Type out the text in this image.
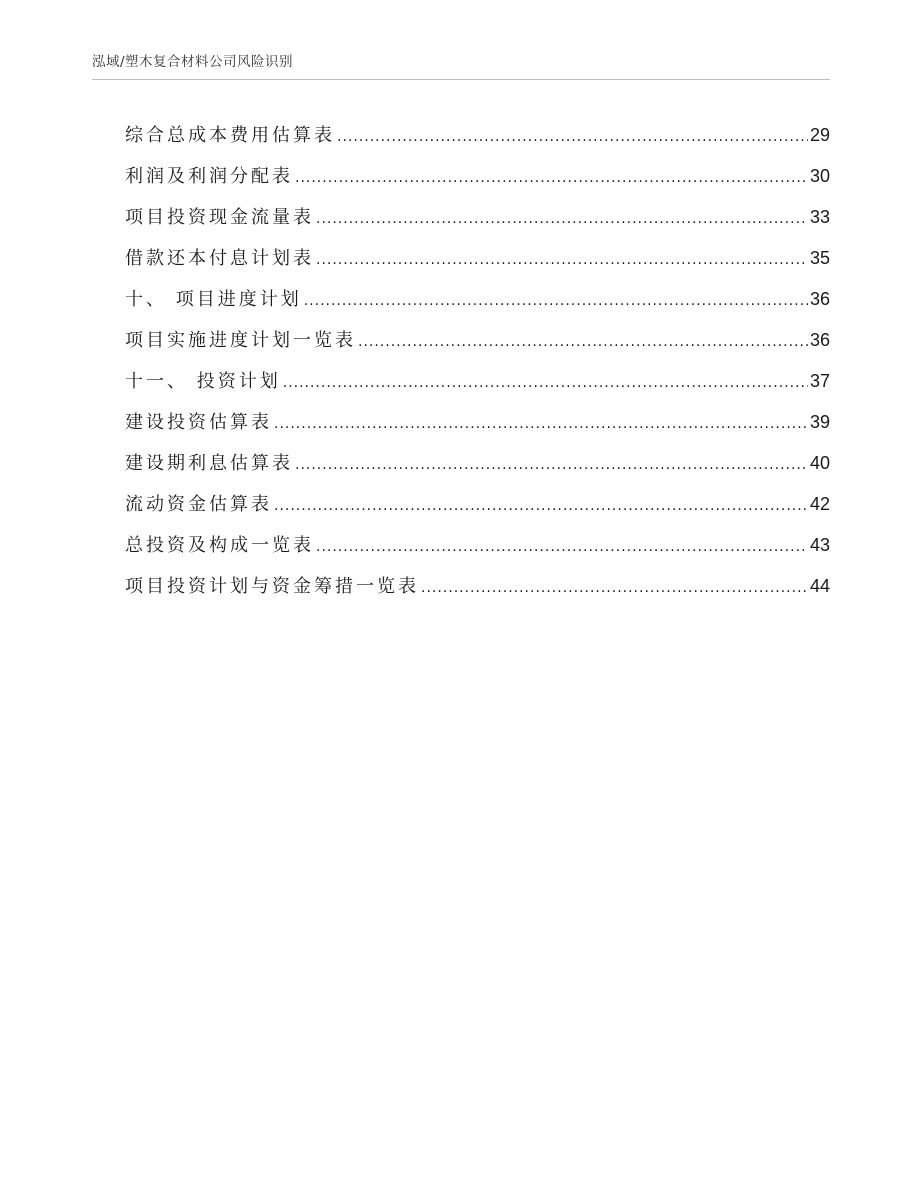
泓域/塑木复合材料公司风险识别
综合总成本费用估算表 .....	29
利润及利润分配表 .....	30
项目投资现金流量表 .....	33
借款还本付息计划表 .....	35
十、 项目进度计划 .....	36
项目实施进度计划一览表 .....	36
十一、 投资计划 .....	37
建设投资估算表 .....	39
建设期利息估算表 .....	40
流动资金估算表 .....	42
总投资及构成一览表 .....	43
项目投资计划与资金筹措一览表 .....	44
